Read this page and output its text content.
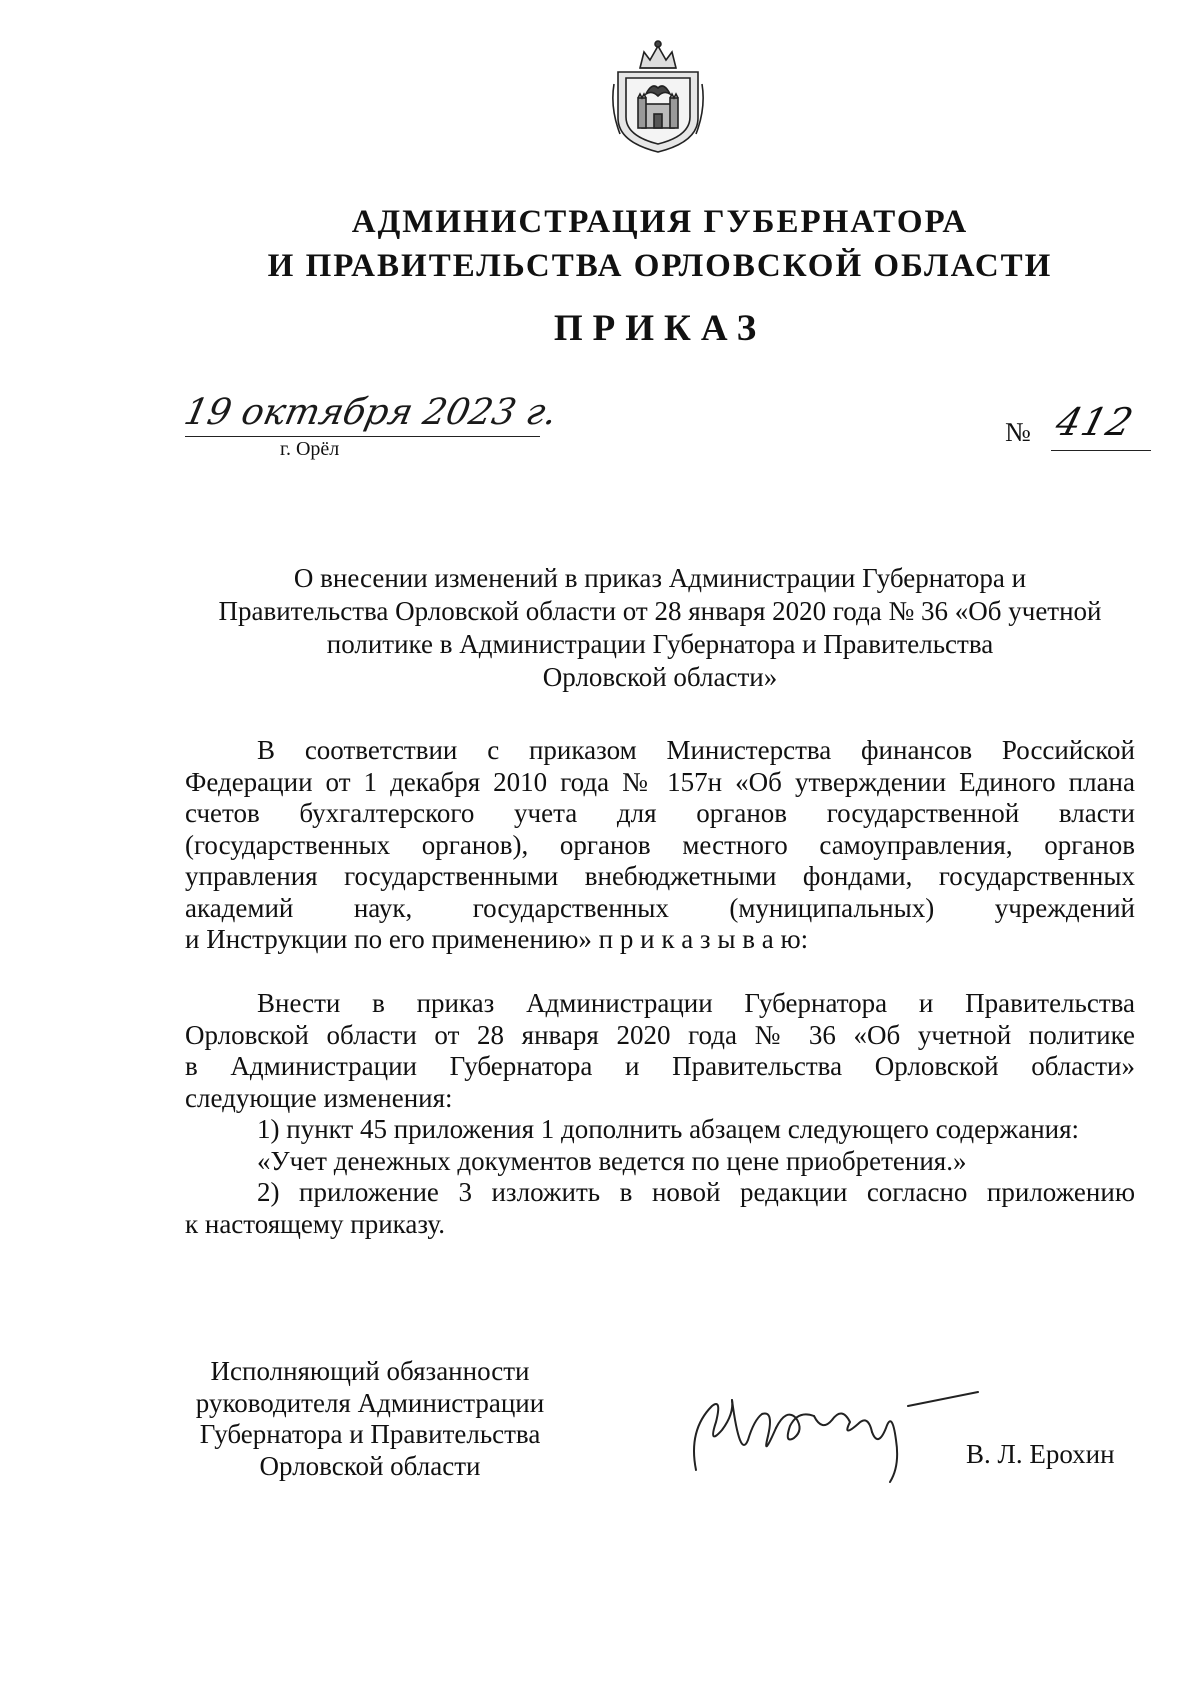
АДМИНИСТРАЦИЯ ГУБЕРНАТОРА
И ПРАВИТЕЛЬСТВА ОРЛОВСКОЙ ОБЛАСТИ
ПРИКАЗ
19 октября 2023 г.
г. Орёл
№ 412
О внесении изменений в приказ Администрации Губернатора и
Правительства Орловской области от 28 января 2020 года № 36 «Об учетной
политике в Администрации Губернатора и Правительства
Орловской области»
В соответствии с приказом Министерства финансов Российской
Федерации от 1 декабря 2010 года № 157н «Об утверждении Единого плана
счетов бухгалтерского учета для органов государственной власти
(государственных органов), органов местного самоуправления, органов
управления государственными внебюджетными фондами, государственных
академий наук, государственных (муниципальных) учреждений
и Инструкции по его применению» п р и к а з ы в а ю:
Внести в приказ Администрации Губернатора и Правительства
Орловской области от 28 января 2020 года № 36 «Об учетной политике
в Администрации Губернатора и Правительства Орловской области»
следующие изменения:
1) пункт 45 приложения 1 дополнить абзацем следующего содержания:
«Учет денежных документов ведется по цене приобретения.»
2) приложение 3 изложить в новой редакции согласно приложению
к настоящему приказу.
Исполняющий обязанности
руководителя Администрации
Губернатора и Правительства
Орловской области	В. Л. Ерохин
